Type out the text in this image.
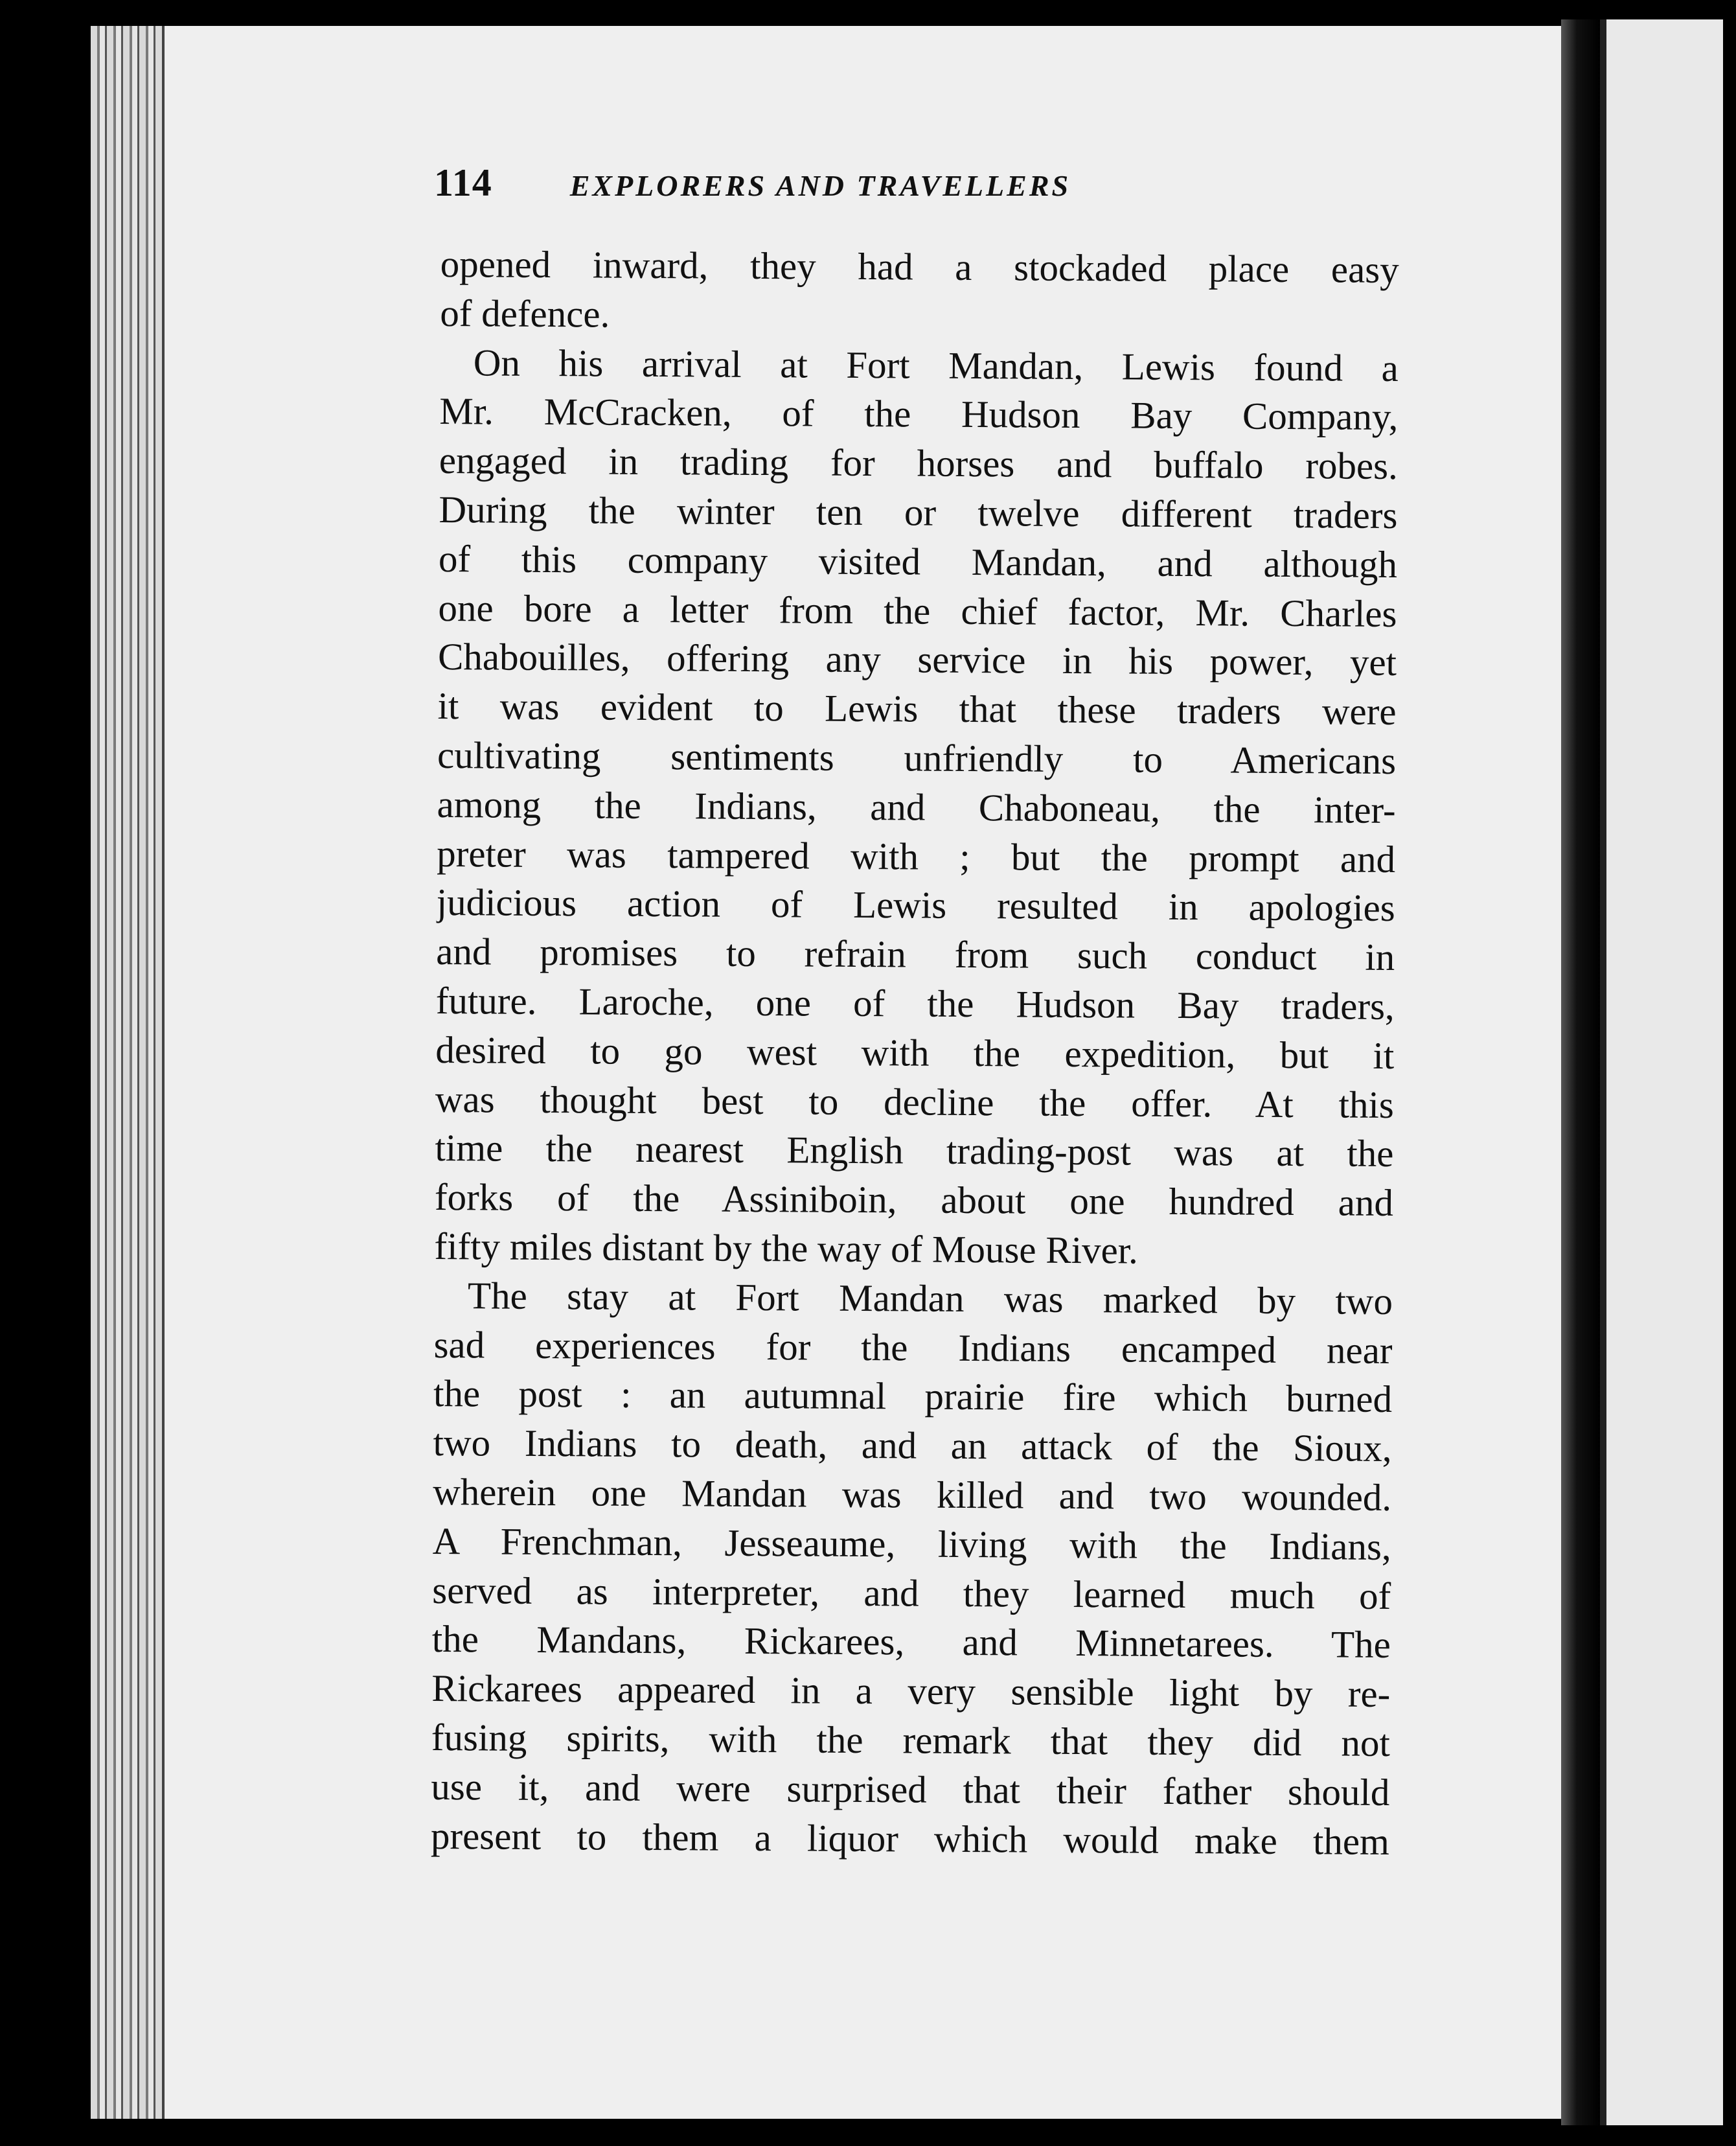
114	EXPLORERS AND TRAVELLERS
opened inward, they had a stockaded place easy
of defence.
On his arrival at Fort Mandan, Lewis found a
Mr. McCracken, of the Hudson Bay Company,
engaged in trading for horses and buffalo robes.
During the winter ten or twelve different traders
of this company visited Mandan, and although
one bore a letter from the chief factor, Mr. Charles
Chabouilles, offering any service in his power, yet
it was evident to Lewis that these traders were
cultivating sentiments unfriendly to Americans
among the Indians, and Chaboneau, the inter-
preter was tampered with ; but the prompt and
judicious action of Lewis resulted in apologies
and promises to refrain from such conduct in
future. Laroche, one of the Hudson Bay traders,
desired to go west with the expedition, but it
was thought best to decline the offer. At this
time the nearest English trading-post was at the
forks of the Assiniboin, about one hundred and
fifty miles distant by the way of Mouse River.
The stay at Fort Mandan was marked by two
sad experiences for the Indians encamped near
the post : an autumnal prairie fire which burned
two Indians to death, and an attack of the Sioux,
wherein one Mandan was killed and two wounded.
A Frenchman, Jesseaume, living with the Indians,
served as interpreter, and they learned much of
the Mandans, Rickarees, and Minnetarees. The
Rickarees appeared in a very sensible light by re-
fusing spirits, with the remark that they did not
use it, and were surprised that their father should
present to them a liquor which would make them
